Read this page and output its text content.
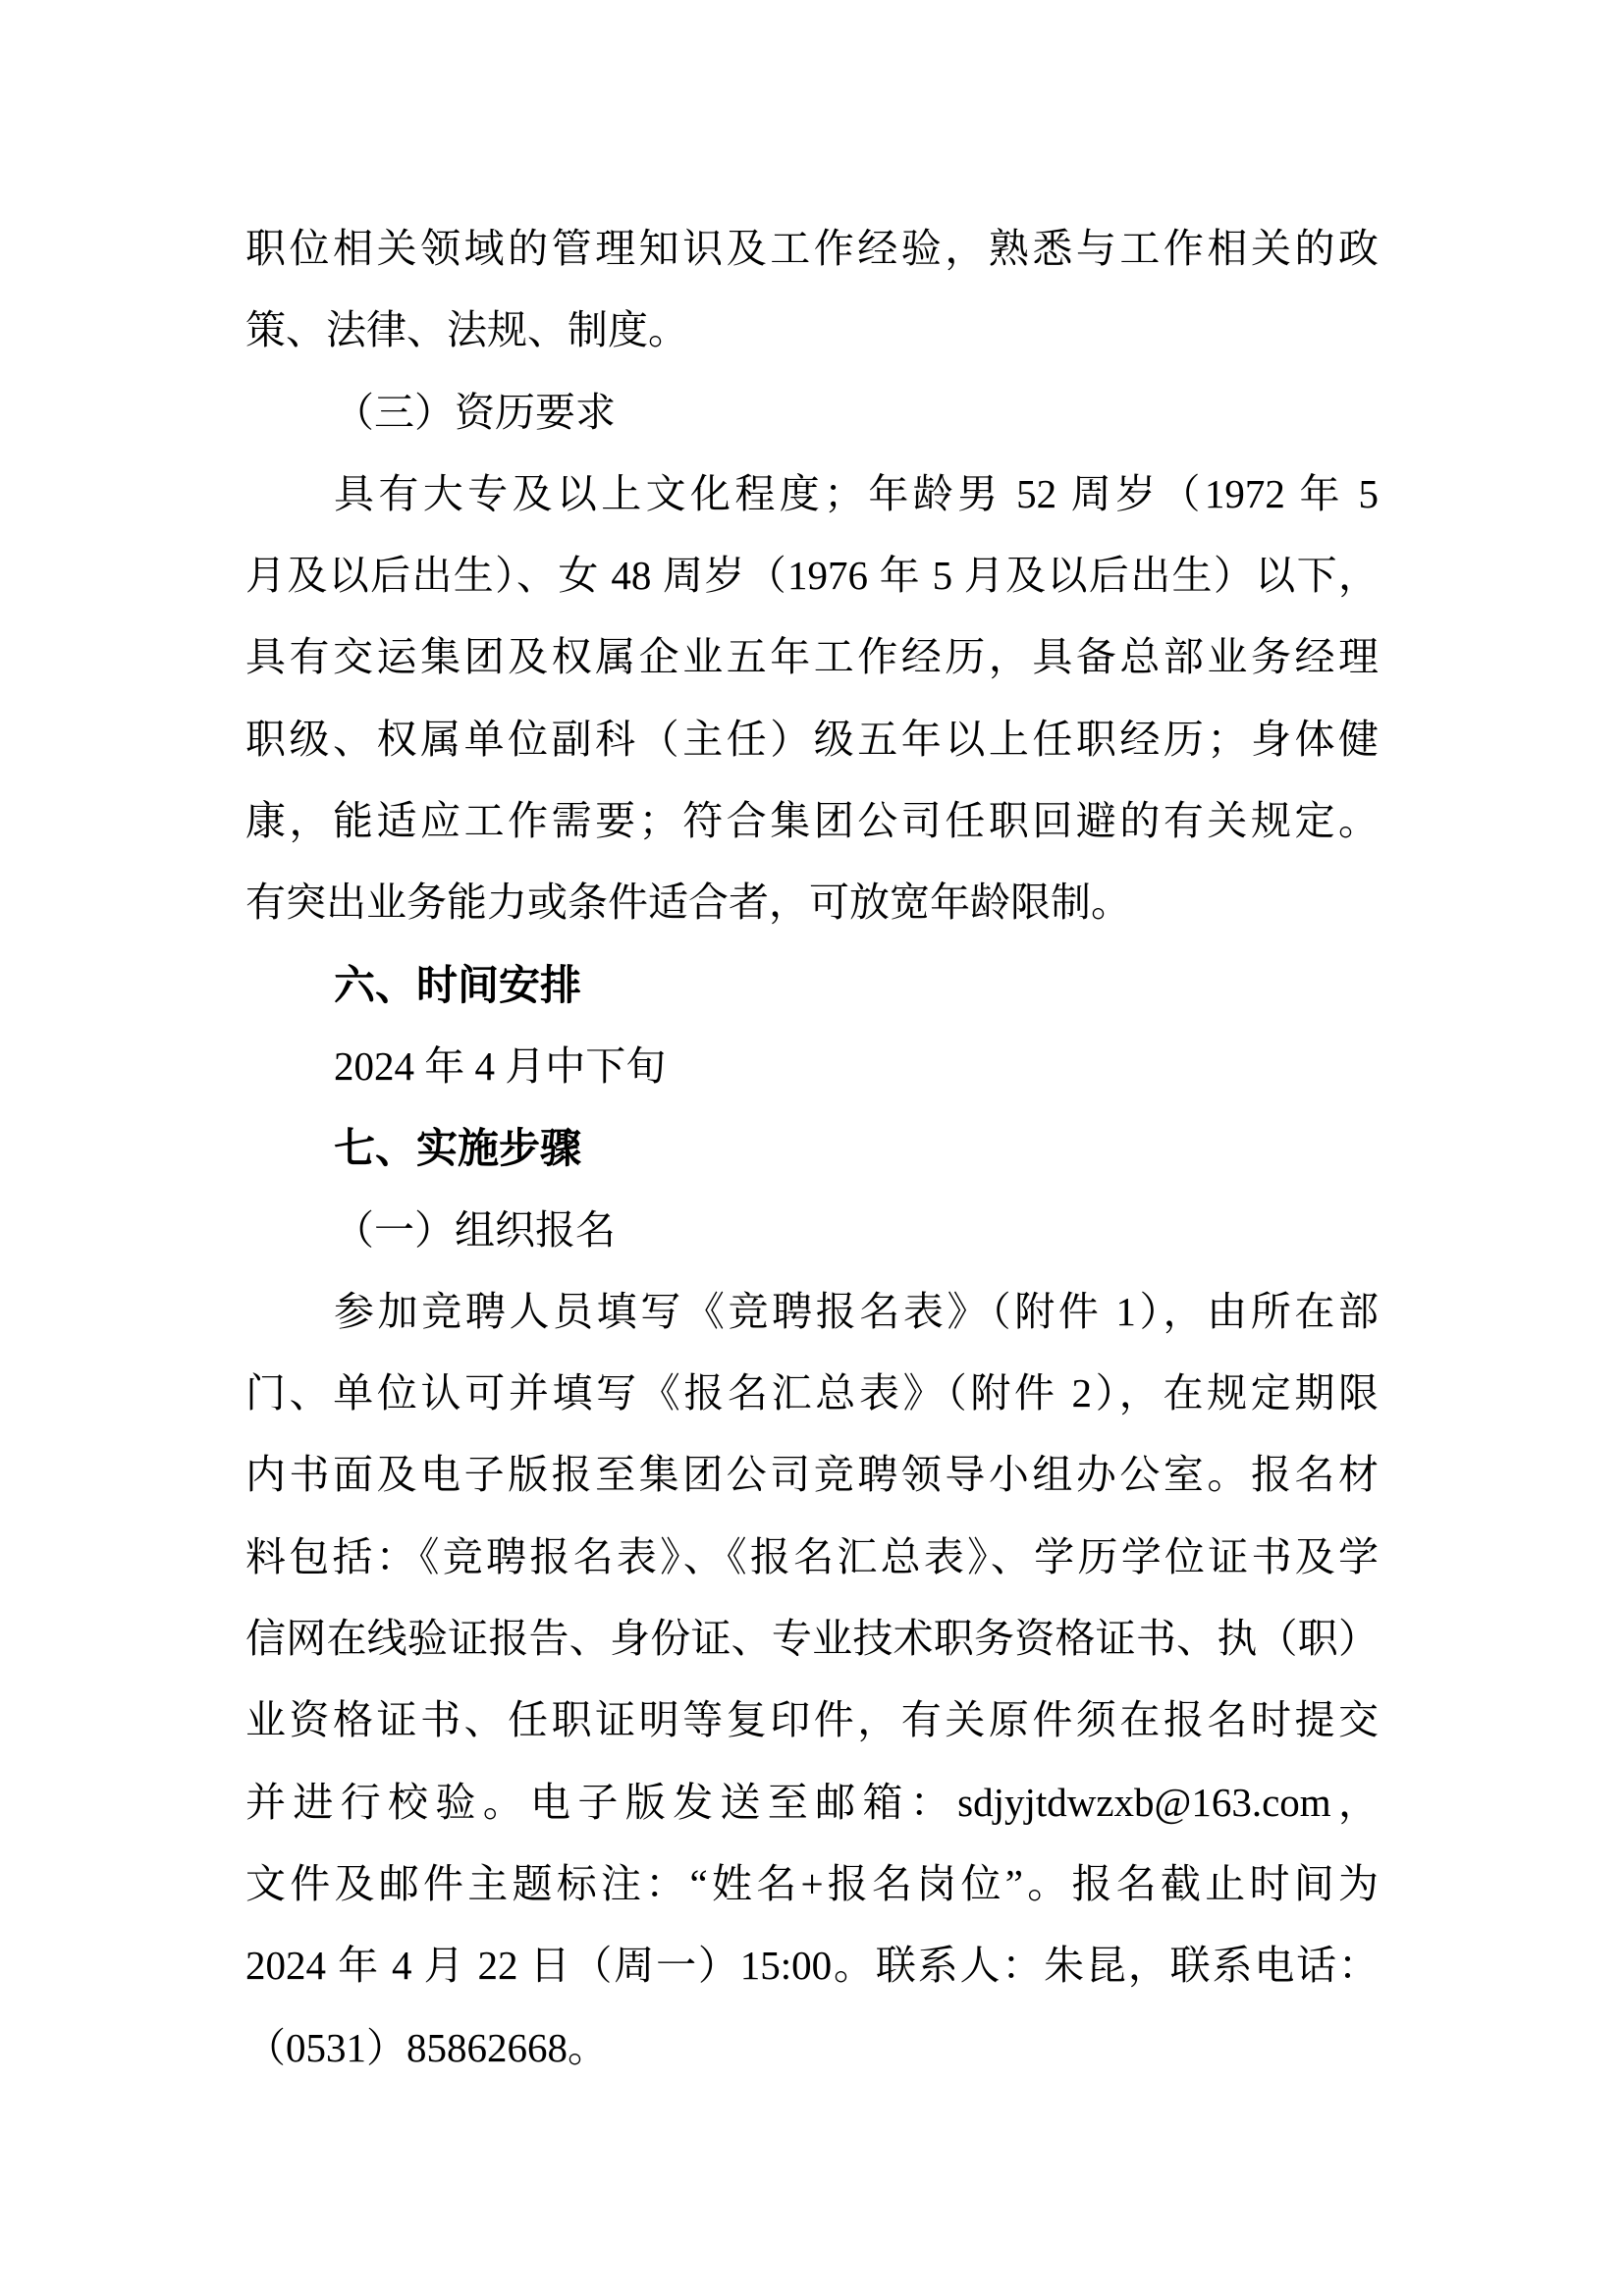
职位相关领域的管理知识及工作经验，熟悉与工作相关的政
策、法律、法规、制度。
（三）资历要求
具有大专及以上文化程度；年龄男 52 周岁（1972 年 5
月及以后出生）、女 48 周岁（1976 年 5 月及以后出生）以下，
具有交运集团及权属企业五年工作经历，具备总部业务经理
职级、权属单位副科（主任）级五年以上任职经历；身体健
康，能适应工作需要；符合集团公司任职回避的有关规定。
有突出业务能力或条件适合者，可放宽年龄限制。
六、时间安排
2024 年 4 月中下旬
七、实施步骤
（一）组织报名
参加竞聘人员填写《竞聘报名表》（附件 1），由所在部
门、单位认可并填写《报名汇总表》（附件 2），在规定期限
内书面及电子版报至集团公司竞聘领导小组办公室。报名材
料包括：《竞聘报名表》、《报名汇总表》、学历学位证书及学
信网在线验证报告、身份证、专业技术职务资格证书、执（职）
业资格证书、任职证明等复印件，有关原件须在报名时提交
并进行校验。电子版发送至邮箱：sdjyjtdwzxb@163.com，
文件及邮件主题标注：“姓名+报名岗位”。报名截止时间为
2024 年 4 月 22 日（周一）15:00。联系人：朱昆，联系电话：
（0531）85862668。
